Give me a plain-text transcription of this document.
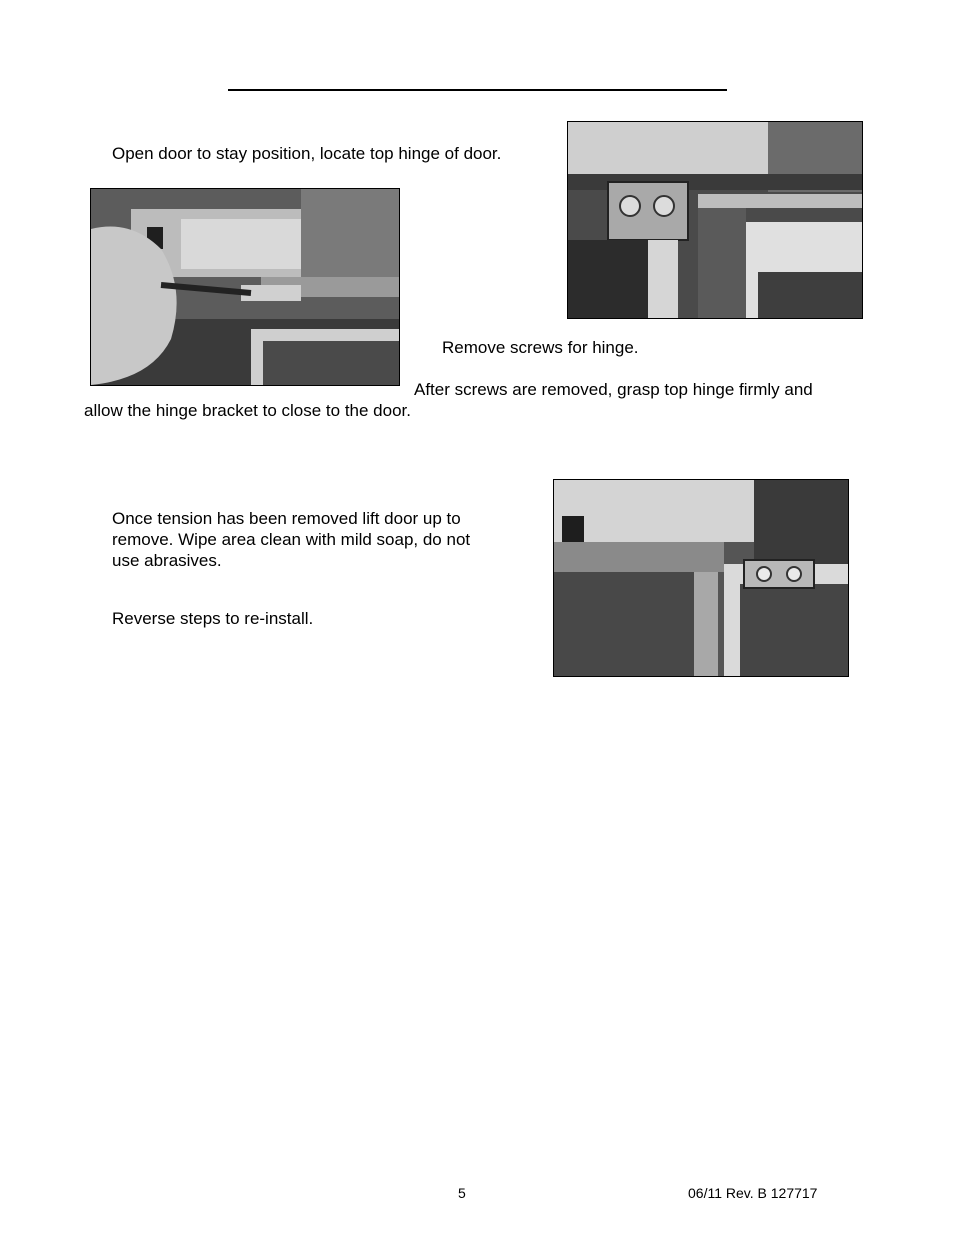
Open door to stay position, locate top hinge of door.
Remove screws for hinge.
After screws are removed, grasp top hinge firmly and
allow the hinge bracket to close to the door.
Once tension has been removed lift door up to
remove. Wipe area clean with mild soap, do not
use abrasives.
Reverse steps to re-install.
5	06/11 Rev. B 127717
